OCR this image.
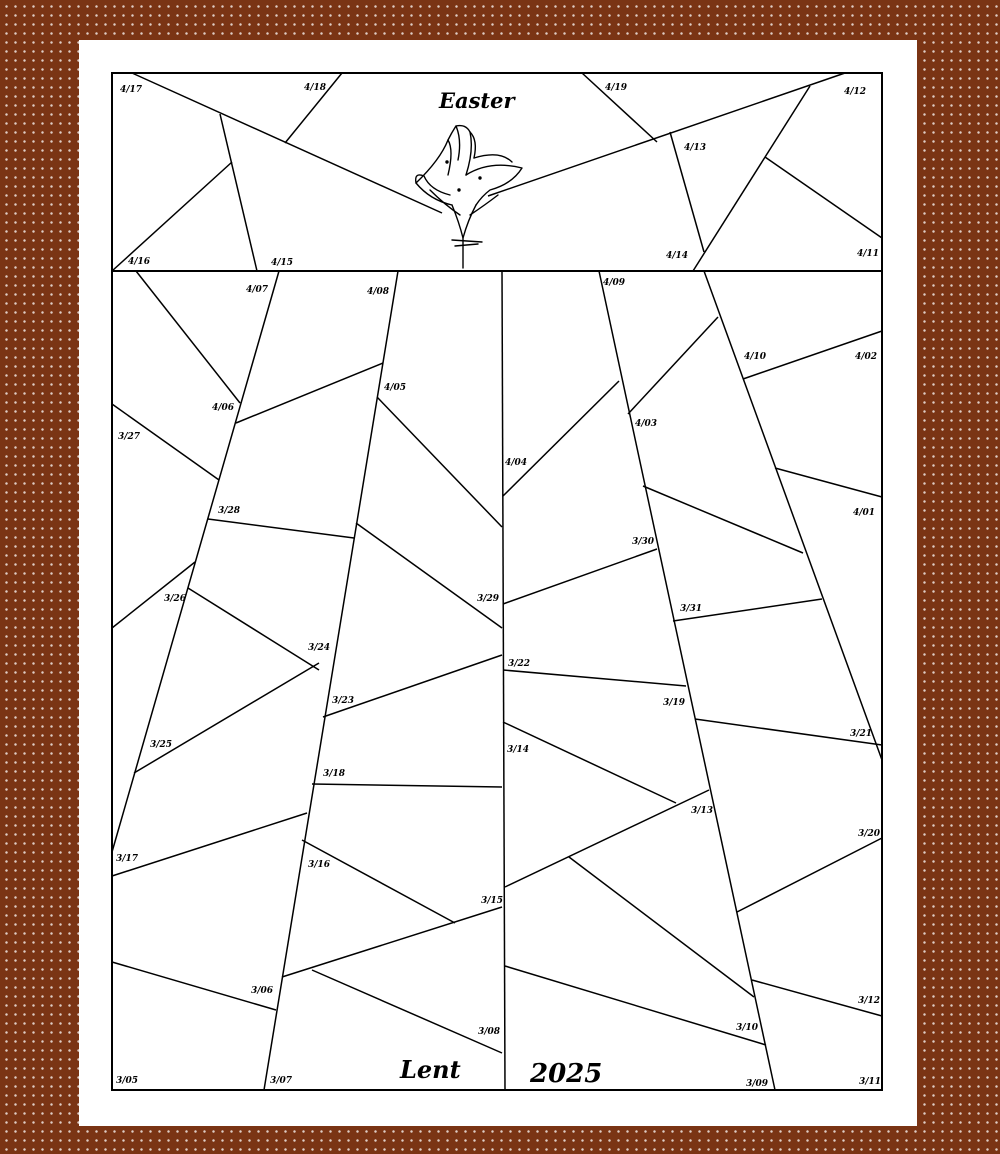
Easter
Lent	2025
4/17	4/18	4/19	4/12
4/13
4/16	4/15
4/14	4/11
4/07	4/08
4/09
4/10	4/02
4/05
4/06
4/03
3/27
4/04
4/01
3/28
3/30
3/26	3/29
3/31
3/24
3/22
3/23	3/19
3/21
3/25	3/14
3/18
3/13
3/20
3/17
3/16
3/15
3/06
3/12
3/10
3/08
3/05	3/07	3/09	3/11
